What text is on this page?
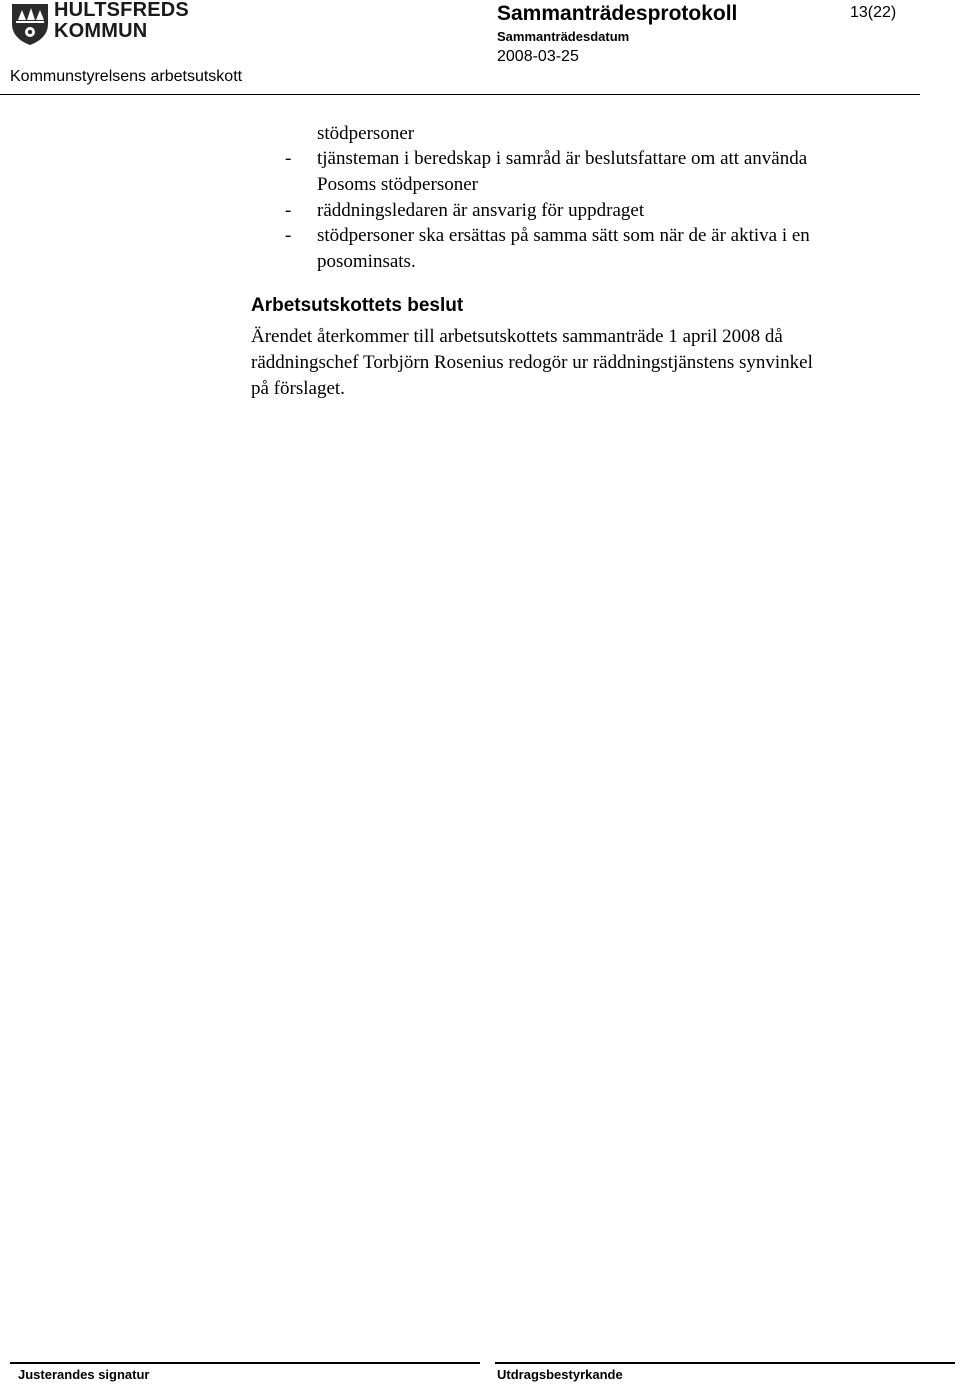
HULTSFREDS
KOMMUN
Sammanträdesprotokoll	13(22)
Sammanträdesdatum
2008-03-25
Kommunstyrelsens arbetsutskott
stödpersoner
- tjänsteman i beredskap i samråd är beslutsfattare om att använda
Posoms stödpersoner
- räddningsledaren är ansvarig för uppdraget
- stödpersoner ska ersättas på samma sätt som när de är aktiva i en
posominsats.
Arbetsutskottets beslut
Ärendet återkommer till arbetsutskottets sammanträde 1 april 2008 då
räddningschef Torbjörn Rosenius redogör ur räddningstjänstens synvinkel
på förslaget.
Justerandes signatur	Utdragsbestyrkande
